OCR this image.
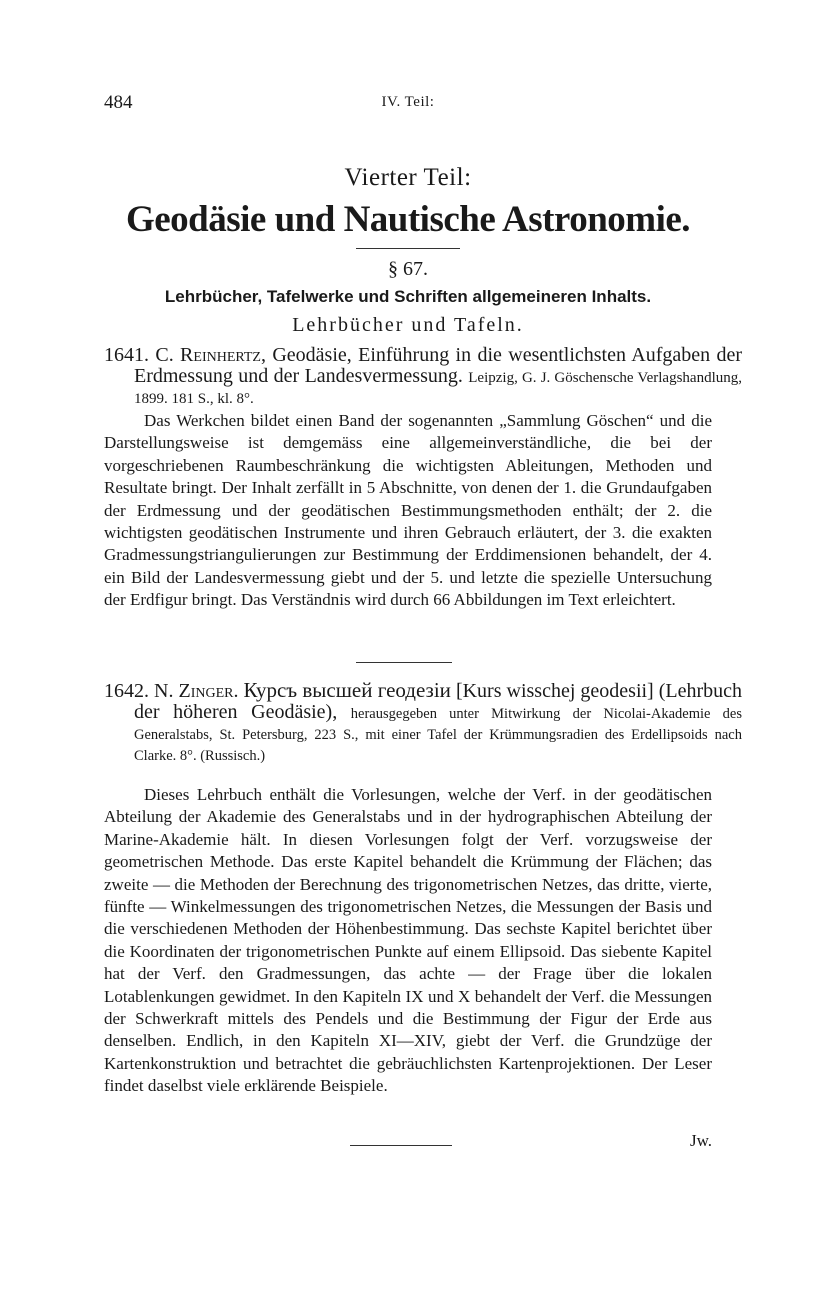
484	IV. Teil:
Vierter Teil:
Geodäsie und Nautische Astronomie.
§ 67.
Lehrbücher, Tafelwerke und Schriften allgemeineren Inhalts.
Lehrbücher und Tafeln.
1641. C. Reinhertz, Geodäsie, Einführung in die wesentlichsten Aufgaben der Erdmessung und der Landesvermessung. Leipzig, G. J. Göschensche Verlagshandlung, 1899. 181 S., kl. 8°.
Das Werkchen bildet einen Band der sogenannten „Sammlung Göschen“ und die Darstellungsweise ist demgemäss eine allgemeinverständliche, die bei der vorgeschriebenen Raumbeschränkung die wichtigsten Ableitungen, Methoden und Resultate bringt. Der Inhalt zerfällt in 5 Abschnitte, von denen der 1. die Grundaufgaben der Erdmessung und der geodätischen Bestimmungsmethoden enthält; der 2. die wichtigsten geodätischen Instrumente und ihren Gebrauch erläutert, der 3. die exakten Gradmessungstriangulierungen zur Bestimmung der Erddimensionen behandelt, der 4. ein Bild der Landesvermessung giebt und der 5. und letzte die spezielle Untersuchung der Erdfigur bringt. Das Verständnis wird durch 66 Abbildungen im Text erleichtert.
1642. N. Zinger. Курсъ высшей геодезіи [Kurs wisschej geodesii] (Lehrbuch der höheren Geodäsie), herausgegeben unter Mitwirkung der Nicolai-Akademie des Generalstabs, St. Petersburg, 223 S., mit einer Tafel der Krümmungsradien des Erdellipsoids nach Clarke. 8°. (Russisch.)
Dieses Lehrbuch enthält die Vorlesungen, welche der Verf. in der geodätischen Abteilung der Akademie des Generalstabs und in der hydrographischen Abteilung der Marine-Akademie hält. In diesen Vorlesungen folgt der Verf. vorzugsweise der geometrischen Methode. Das erste Kapitel behandelt die Krümmung der Flächen; das zweite — die Methoden der Berechnung des trigonometrischen Netzes, das dritte, vierte, fünfte — Winkelmessungen des trigonometrischen Netzes, die Messungen der Basis und die verschiedenen Methoden der Höhenbestimmung. Das sechste Kapitel berichtet über die Koordinaten der trigonometrischen Punkte auf einem Ellipsoid. Das siebente Kapitel hat der Verf. den Gradmessungen, das achte — der Frage über die lokalen Lotablenkungen gewidmet. In den Kapiteln IX und X behandelt der Verf. die Messungen der Schwerkraft mittels des Pendels und die Bestimmung der Figur der Erde aus denselben. Endlich, in den Kapiteln XI—XIV, giebt der Verf. die Grundzüge der Kartenkonstruktion und betrachtet die gebräuchlichsten Kartenprojektionen. Der Leser findet daselbst viele erklärende Beispiele.
Jw.
